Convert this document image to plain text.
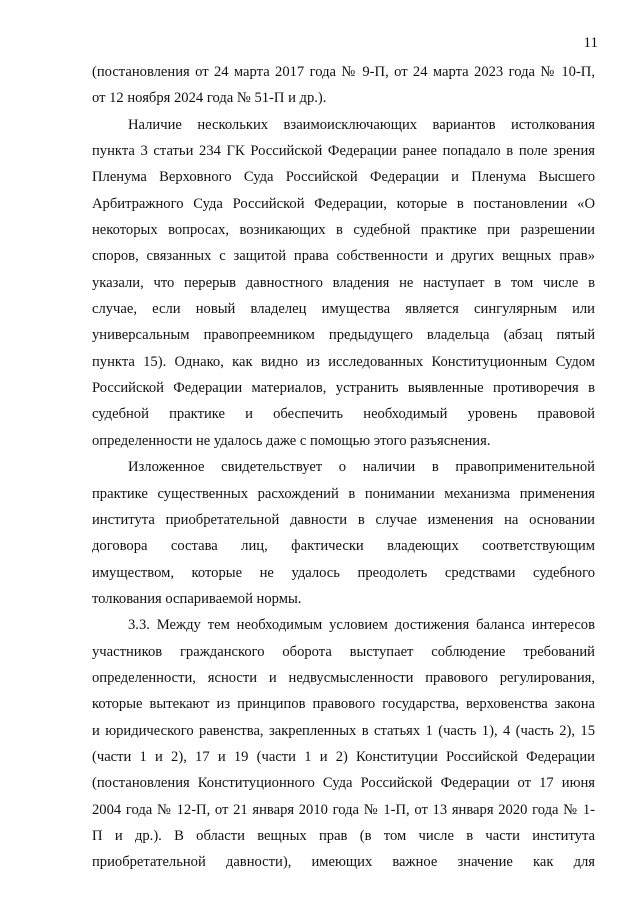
11
(постановления от 24 марта 2017 года № 9-П, от 24 марта 2023 года № 10-П,
от 12 ноября 2024 года № 51-П и др.).
Наличие нескольких взаимоисключающих вариантов истолкования
пункта 3 статьи 234 ГК Российской Федерации ранее попадало в поле зрения
Пленума Верховного Суда Российской Федерации и Пленума Высшего
Арбитражного Суда Российской Федерации, которые в постановлении «О
некоторых вопросах, возникающих в судебной практике при разрешении
споров, связанных с защитой права собственности и других вещных прав»
указали, что перерыв давностного владения не наступает в том числе в
случае, если новый владелец имущества является сингулярным или
универсальным правопреемником предыдущего владельца (абзац пятый
пункта 15). Однако, как видно из исследованных Конституционным Судом
Российской Федерации материалов, устранить выявленные противоречия в
судебной практике и обеспечить необходимый уровень правовой
определенности не удалось даже с помощью этого разъяснения.
Изложенное свидетельствует о наличии в правоприменительной
практике существенных расхождений в понимании механизма применения
института приобретательной давности в случае изменения на основании
договора состава лиц, фактически владеющих соответствующим
имуществом, которые не удалось преодолеть средствами судебного
толкования оспариваемой нормы.
3.3. Между тем необходимым условием достижения баланса интересов
участников гражданского оборота выступает соблюдение требований
определенности, ясности и недвусмысленности правового регулирования,
которые вытекают из принципов правового государства, верховенства закона
и юридического равенства, закрепленных в статьях 1 (часть 1), 4 (часть 2), 15
(части 1 и 2), 17 и 19 (части 1 и 2) Конституции Российской Федерации
(постановления Конституционного Суда Российской Федерации от 17 июня
2004 года № 12-П, от 21 января 2010 года № 1-П, от 13 января 2020 года № 1-
П и др.). В области вещных прав (в том числе в части института
приобретательной давности), имеющих важное значение как для
